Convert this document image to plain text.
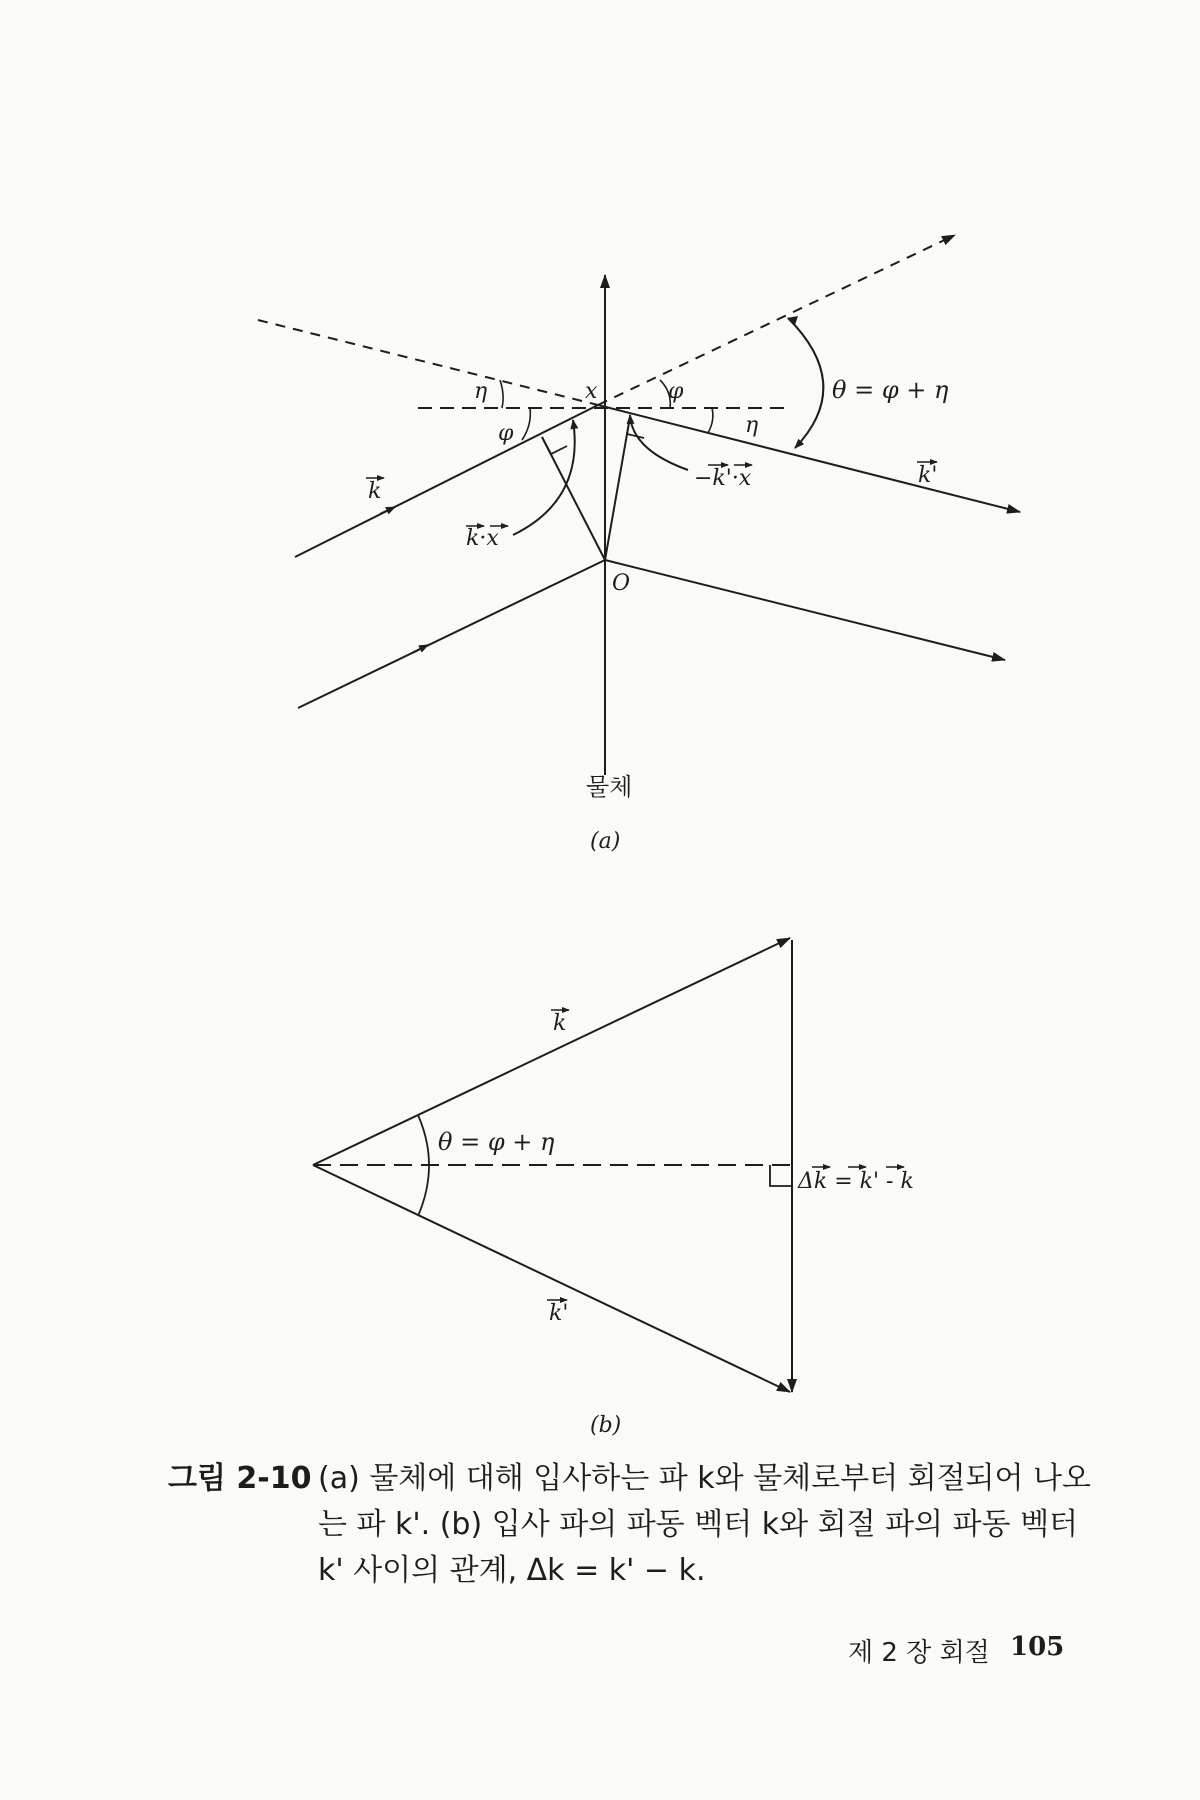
η
φ
x	φ
η
θ = φ + η
k
k'
k·x
−k'·x
O
물체
(a)
k
k'
θ = φ + η
Δk = k' - k
(b)
그림 2-10 (a) 물체에 대해 입사하는 파 k와 물체로부터 회절되어 나오
는 파 k'. (b) 입사 파의 파동 벡터 k와 회절 파의 파동 벡터
k' 사이의 관계, Δk = k' − k.
제 2 장 회절 105
